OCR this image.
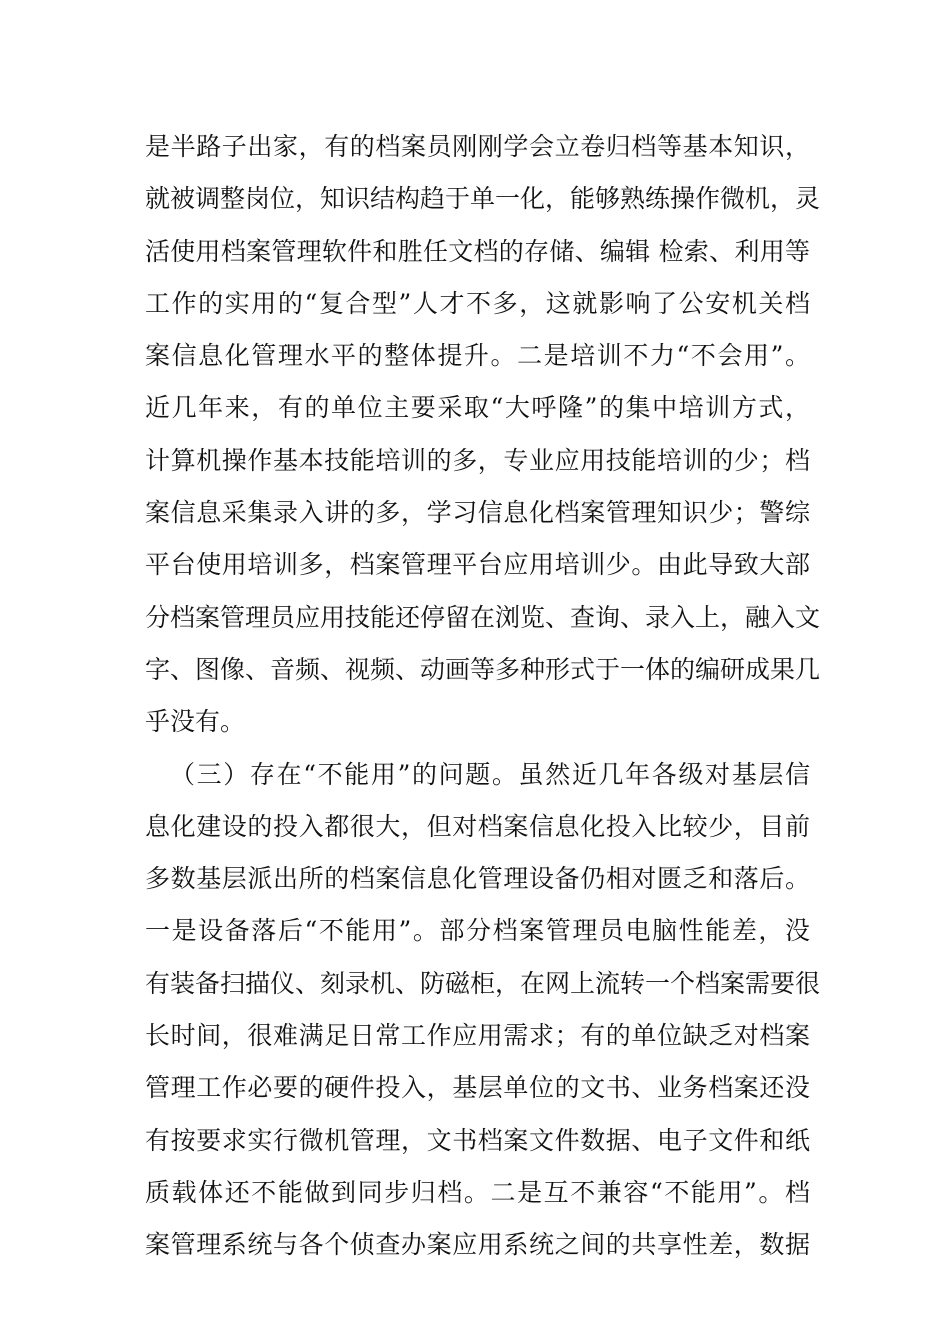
是半路子出家，有的档案员刚刚学会立卷归档等基本知识，
就被调整岗位，知识结构趋于单一化，能够熟练操作微机，灵
活使用档案管理软件和胜任文档的存储、编辑 检索、利用等
工作的实用的“复合型”人才不多，这就影响了公安机关档
案信息化管理水平的整体提升。二是培训不力“不会用”。
近几年来，有的单位主要采取“大呼隆”的集中培训方式，
计算机操作基本技能培训的多，专业应用技能培训的少；档
案信息采集录入讲的多，学习信息化档案管理知识少；警综
平台使用培训多，档案管理平台应用培训少。由此导致大部
分档案管理员应用技能还停留在浏览、查询、录入上，融入文
字、图像、音频、视频、动画等多种形式于一体的编研成果几
乎没有。
（三）存在“不能用”的问题。虽然近几年各级对基层信
息化建设的投入都很大，但对档案信息化投入比较少，目前
多数基层派出所的档案信息化管理设备仍相对匮乏和落后。
一是设备落后“不能用”。部分档案管理员电脑性能差，没
有装备扫描仪、刻录机、防磁柜，在网上流转一个档案需要很
长时间，很难满足日常工作应用需求；有的单位缺乏对档案
管理工作必要的硬件投入，基层单位的文书、业务档案还没
有按要求实行微机管理，文书档案文件数据、电子文件和纸
质载体还不能做到同步归档。二是互不兼容“不能用”。档
案管理系统与各个侦查办案应用系统之间的共享性差，数据
